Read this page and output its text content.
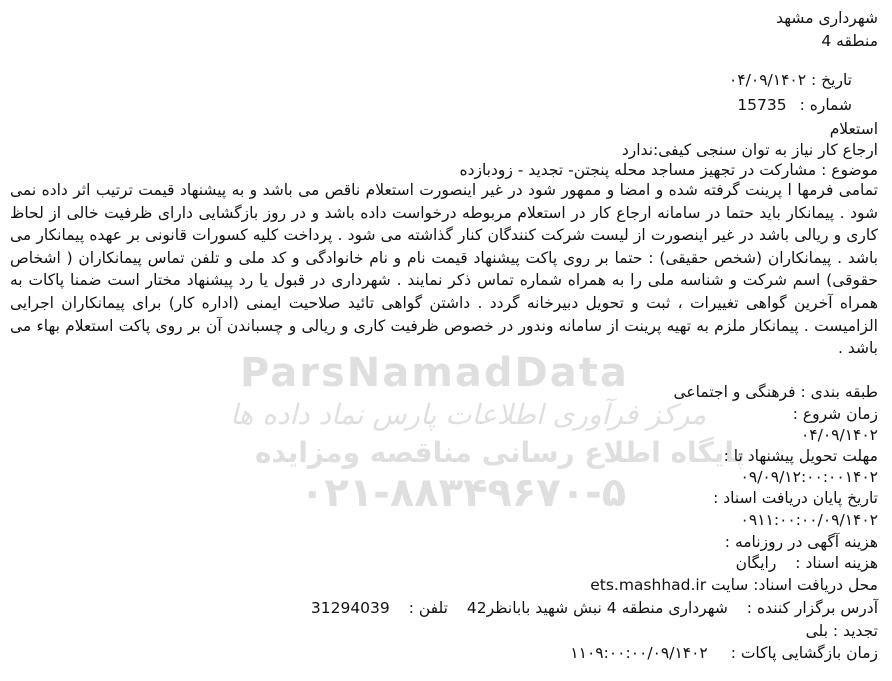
ParsNamadData
مرکز فرآوری اطلاعات پارس نماد داده ها
پایگاه اطلاع رسانی مناقصه ومزایده
۰۲۱-۸۸۳۴۹۶۷۰-۵
شهرداری مشهد
منطقه 4
تاریخ : ۰۴/۰۹/۱۴۰۲
شماره : 15735
استعلام
ارجاع کار نیاز به توان سنجی کیفی:ندارد
موضوع : مشارکت در تجهیز مساجد محله پنجتن- تجدید - زودبازده
تمامی فرمها ا پرینت گرفته شده و امضا و ممهور شود در غیر اینصورت استعلام ناقص می باشد و به پیشنهاد قیمت ترتیب اثر داده نمی شود . پیمانکار باید حتما در سامانه ارجاع کار در استعلام مربوطه درخواست داده باشد و در روز بازگشایی دارای ظرفیت خالی از لحاظ کاری و ریالی باشد در غیر اینصورت از لیست شرکت کنندگان کنار گذاشته می شود . پرداخت کلیه کسورات قانونی بر عهده پیمانکار می باشد . پیمانکاران (شخص حقیقی) : حتما بر روی پاکت پیشنهاد قیمت نام و نام خانوادگی و کد ملی و تلفن تماس پیمانکاران ( اشخاص حقوقی) اسم شرکت و شناسه ملی را به همراه شماره تماس ذکر نمایند . شهرداری در قبول یا رد پیشنهاد مختار است ضمنا پاکات به همراه آخرین گواهی تغییرات ، ثبت و تحویل دبیرخانه گردد . داشتن گواهی تائید صلاحیت ایمنی (اداره کار) برای پیمانکاران اجرایی الزامیست . پیمانکار ملزم به تهیه پرینت از سامانه وندور در خصوص ظرفیت کاری و ریالی و چسباندن آن بر روی پاکت استعلام بهاء می باشد .
طبقه بندی : فرهنگی و اجتماعی
زمان شروع :
۰۴/۰۹/۱۴۰۲
مهلت تحویل پیشنهاد تا :
۰۹/۰۹/۱۲:۰۰:۰۰۱۴۰۲
تاریخ پایان دریافت اسناد :
۰۹۱۱:۰۰:۰۰/۰۹/۱۴۰۲
هزینه آگهی در روزنامه :
هزینه اسناد : رایگان
محل دریافت اسناد: سایت ets.mashhad.ir
آدرس برگزار کننده : شهرداری منطقه 4 نبش شهید بابانظر42 تلفن : 31294039
تجدید : بلی
زمان بازگشایی پاکات : ۱۱۰۹:۰۰:۰۰/۰۹/۱۴۰۲
